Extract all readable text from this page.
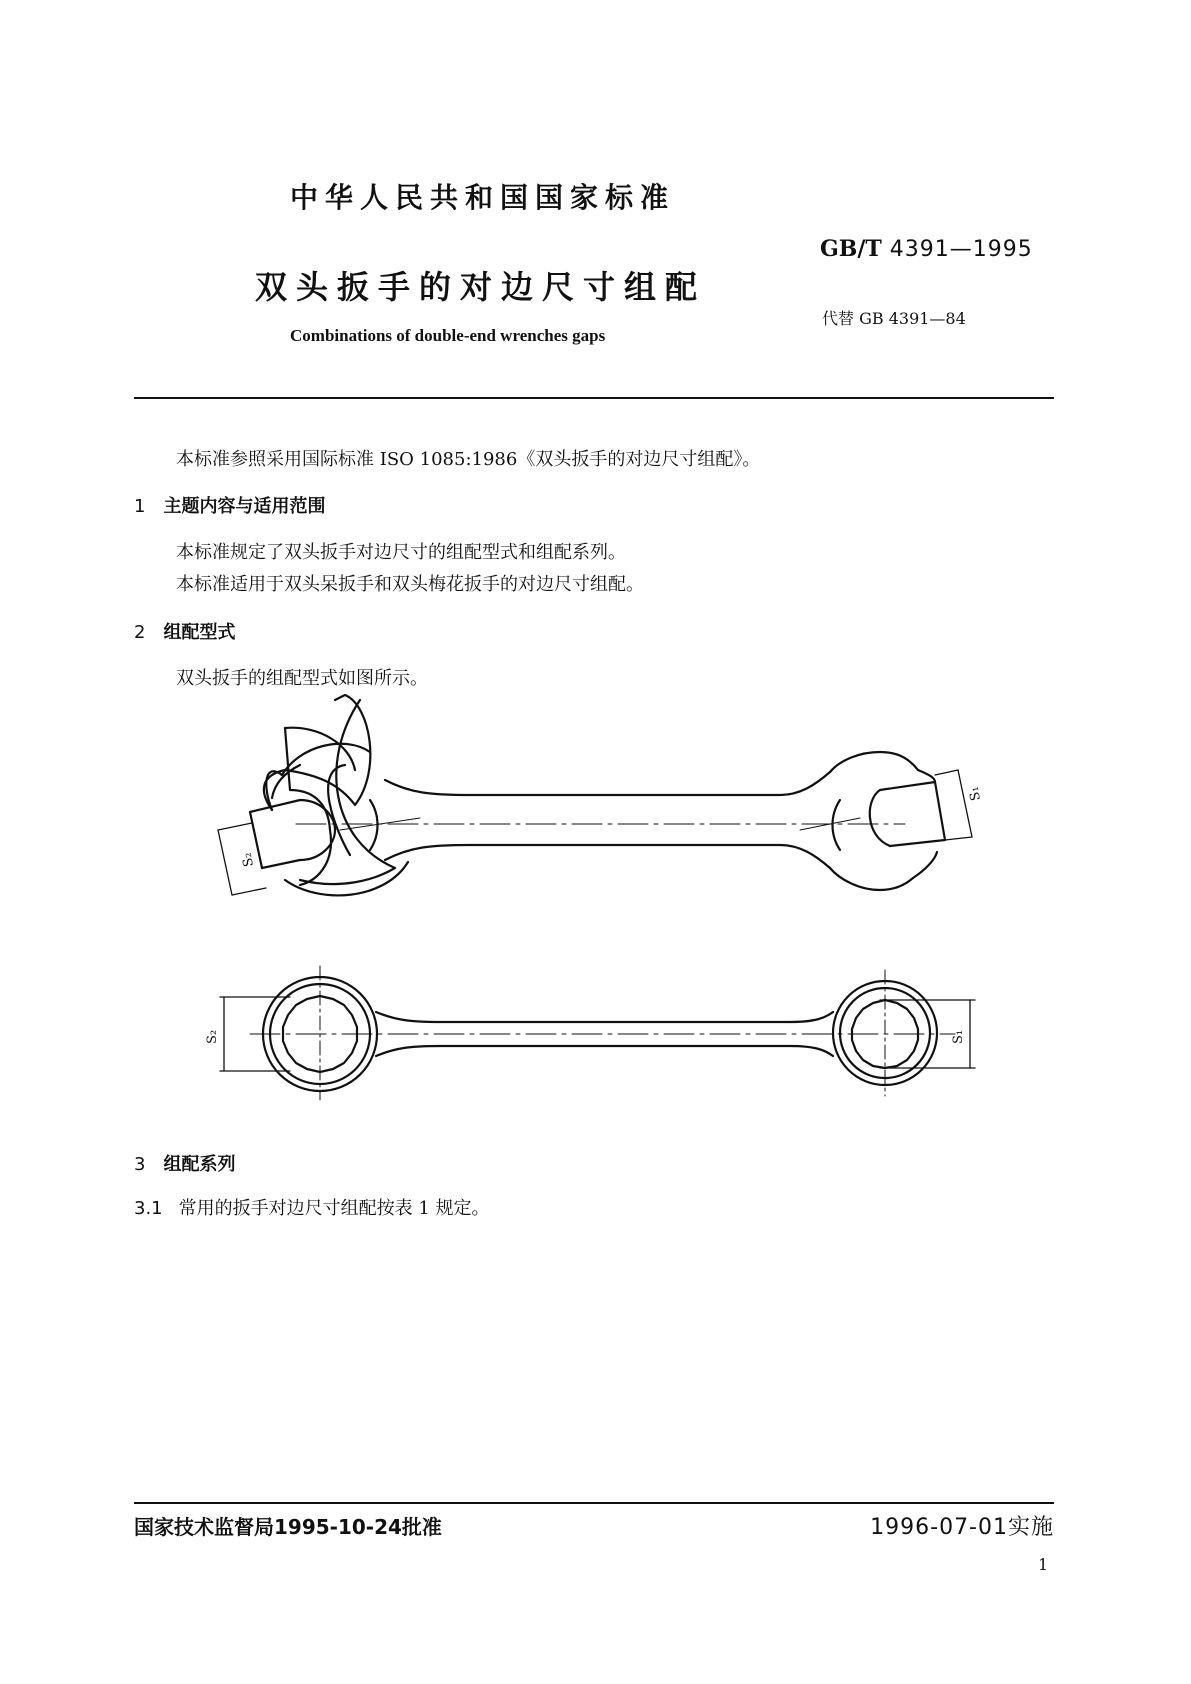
中华人民共和国国家标准
GB/T 4391—1995
双头扳手的对边尺寸组配
代替 GB 4391—84
Combinations of double-end wrenches gaps
本标准参照采用国际标准 ISO 1085:1986《双头扳手的对边尺寸组配》。
1 主题内容与适用范围
本标准规定了双头扳手对边尺寸的组配型式和组配系列。
本标准适用于双头呆扳手和双头梅花扳手的对边尺寸组配。
2 组配型式
双头扳手的组配型式如图所示。
S₂
S₁
S₂	S₁
3 组配系列
3.1 常用的扳手对边尺寸组配按表 1 规定。
国家技术监督局1995-10-24批准	1996-07-01实施
1
